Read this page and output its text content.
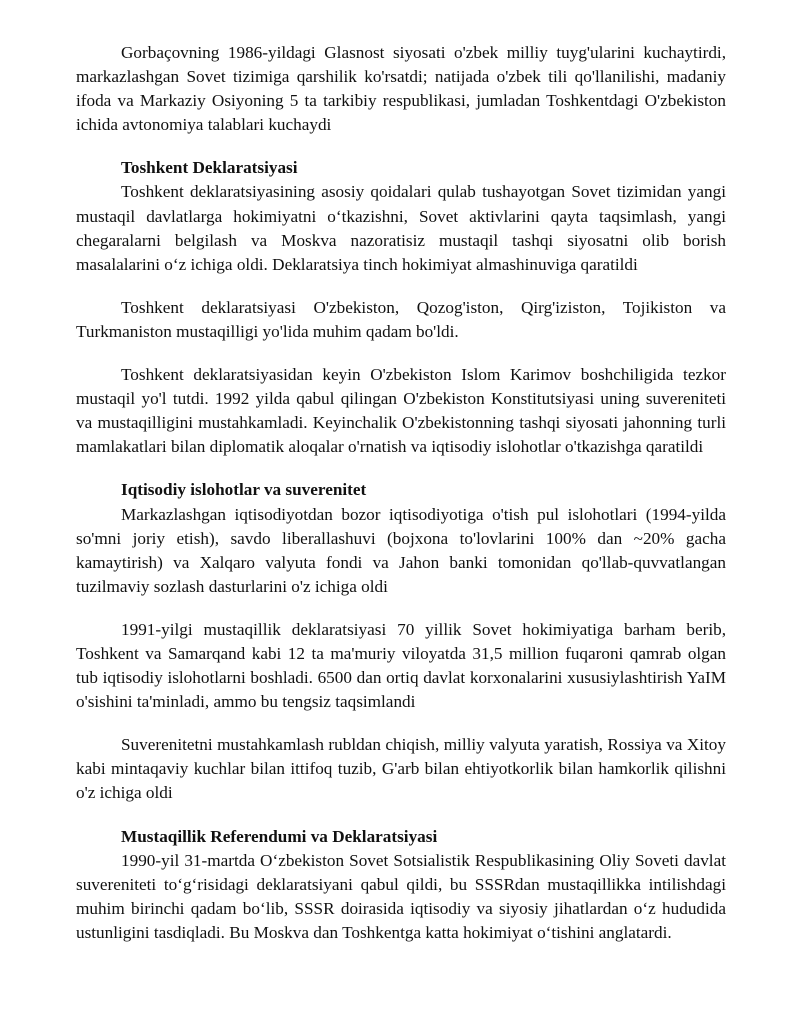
Gorbaçovning 1986-yildagi Glasnost siyosati o'zbek milliy tuyg'ularini kuchaytirdi, markazlashgan Sovet tizimiga qarshilik ko'rsatdi; natijada o'zbek tili qo'llanilishi, madaniy ifoda va Markaziy Osiyoning 5 ta tarkibiy respublikasi, jumladan Toshkentdagi O'zbekiston ichida avtonomiya talablari kuchaydi

Toshkent Deklaratsiyasi

Toshkent deklaratsiyasining asosiy qoidalari qulab tushayotgan Sovet tizimidan yangi mustaqil davlatlarga hokimiyatni o‘tkazishni, Sovet aktivlarini qayta taqsimlash, yangi chegaralarni belgilash va Moskva nazoratisiz mustaqil tashqi siyosatni olib borish masalalarini o‘z ichiga oldi. Deklaratsiya tinch hokimiyat almashinuviga qaratildi

Toshkent deklaratsiyasi O'zbekiston, Qozog'iston, Qirg'iziston, Tojikiston va Turkmaniston mustaqilligi yo'lida muhim qadam bo'ldi.

Toshkent deklaratsiyasidan keyin O'zbekiston Islom Karimov boshchiligida tezkor mustaqil yo'l tutdi. 1992 yilda qabul qilingan O'zbekiston Konstitutsiyasi uning suvereniteti va mustaqilligini mustahkamladi. Keyinchalik O'zbekistonning tashqi siyosati jahonning turli mamlakatlari bilan diplomatik aloqalar o'rnatish va iqtisodiy islohotlar o'tkazishga qaratildi

Iqtisodiy islohotlar va suverenitet

Markazlashgan iqtisodiyotdan bozor iqtisodiyotiga o'tish pul islohotlari (1994-yilda so'mni joriy etish), savdo liberallashuvi (bojxona to'lovlarini 100% dan ~20% gacha kamaytirish) va Xalqaro valyuta fondi va Jahon banki tomonidan qo'llab-quvvatlangan tuzilmaviy sozlash dasturlarini o'z ichiga oldi

1991-yilgi mustaqillik deklaratsiyasi 70 yillik Sovet hokimiyatiga barham berib, Toshkent va Samarqand kabi 12 ta ma'muriy viloyatda 31,5 million fuqaroni qamrab olgan tub iqtisodiy islohotlarni boshladi. 6500 dan ortiq davlat korxonalarini xususiylashtirish YaIM o'sishini ta'minladi, ammo bu tengsiz taqsimlandi

Suverenitetni mustahkamlash rubldan chiqish, milliy valyuta yaratish, Rossiya va Xitoy kabi mintaqaviy kuchlar bilan ittifoq tuzib, G'arb bilan ehtiyotkorlik bilan hamkorlik qilishni o'z ichiga oldi

Mustaqillik Referendumi va Deklaratsiyasi

1990-yil 31-martda O‘zbekiston Sovet Sotsialistik Respublikasining Oliy Soveti davlat suvereniteti to‘g‘risidagi deklaratsiyani qabul qildi, bu SSSRdan mustaqillikka intilishdagi muhim birinchi qadam bo‘lib, SSSR doirasida iqtisodiy va siyosiy jihatlardan o‘z hududida ustunligini tasdiqladi. Bu Moskva dan Toshkentga katta hokimiyat o‘tishini anglatardi.
